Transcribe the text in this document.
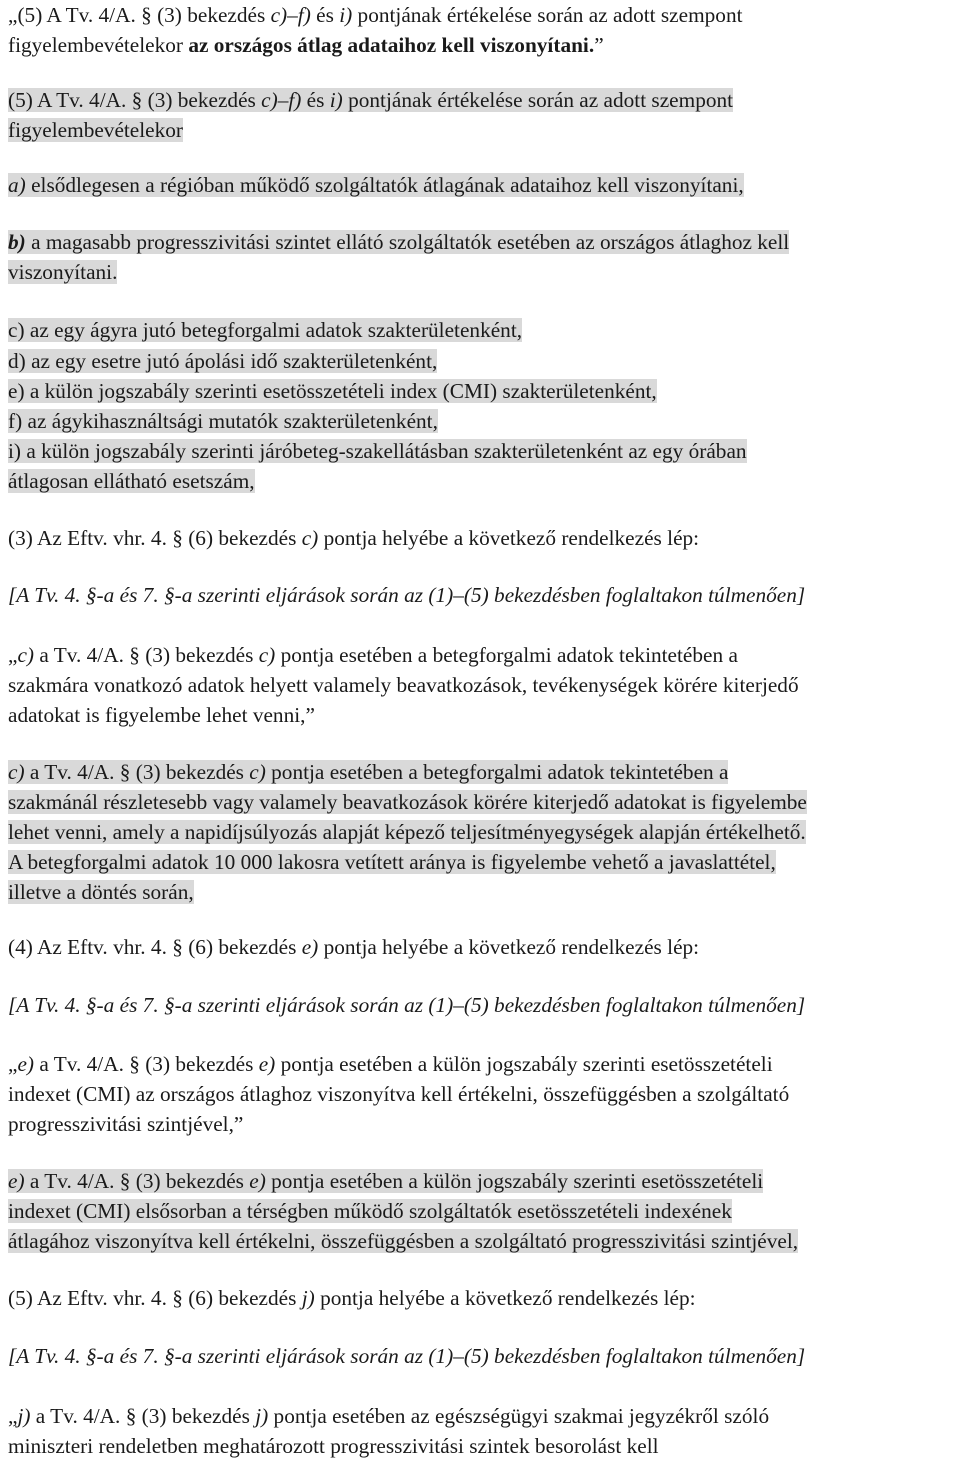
„(5) A Tv. 4/A. § (3) bekezdés c)–f) és i) pontjának értékelése során az adott szempont
figyelembevételekor az országos átlag adataihoz kell viszonyítani.”
(5) A Tv. 4/A. § (3) bekezdés c)–f) és i) pontjának értékelése során az adott szempont
figyelembevételekor
a) elsődlegesen a régióban működő szolgáltatók átlagának adataihoz kell viszonyítani,
b) a magasabb progresszivitási szintet ellátó szolgáltatók esetében az országos átlaghoz kell
viszonyítani.
c) az egy ágyra jutó betegforgalmi adatok szakterületenként,
d) az egy esetre jutó ápolási idő szakterületenként,
e) a külön jogszabály szerinti esetösszetételi index (CMI) szakterületenként,
f) az ágykihasználtsági mutatók szakterületenként,
i) a külön jogszabály szerinti járóbeteg-szakellátásban szakterületenként az egy órában
átlagosan ellátható esetszám,
(3) Az Eftv. vhr. 4. § (6) bekezdés c) pontja helyébe a következő rendelkezés lép:
[A Tv. 4. §-a és 7. §-a szerinti eljárások során az (1)–(5) bekezdésben foglaltakon túlmenően]
„c) a Tv. 4/A. § (3) bekezdés c) pontja esetében a betegforgalmi adatok tekintetében a
szakmára vonatkozó adatok helyett valamely beavatkozások, tevékenységek körére kiterjedő
adatokat is figyelembe lehet venni,”
c) a Tv. 4/A. § (3) bekezdés c) pontja esetében a betegforgalmi adatok tekintetében a
szakmánál részletesebb vagy valamely beavatkozások körére kiterjedő adatokat is figyelembe
lehet venni, amely a napidíjsúlyozás alapját képező teljesítményegységek alapján értékelhető.
A betegforgalmi adatok 10 000 lakosra vetített aránya is figyelembe vehető a javaslattétel,
illetve a döntés során,
(4) Az Eftv. vhr. 4. § (6) bekezdés e) pontja helyébe a következő rendelkezés lép:
[A Tv. 4. §-a és 7. §-a szerinti eljárások során az (1)–(5) bekezdésben foglaltakon túlmenően]
„e) a Tv. 4/A. § (3) bekezdés e) pontja esetében a külön jogszabály szerinti esetösszetételi
indexet (CMI) az országos átlaghoz viszonyítva kell értékelni, összefüggésben a szolgáltató
progresszivitási szintjével,”
e) a Tv. 4/A. § (3) bekezdés e) pontja esetében a külön jogszabály szerinti esetösszetételi
indexet (CMI) elsősorban a térségben működő szolgáltatók esetösszetételi indexének
átlagához viszonyítva kell értékelni, összefüggésben a szolgáltató progresszivitási szintjével,
(5) Az Eftv. vhr. 4. § (6) bekezdés j) pontja helyébe a következő rendelkezés lép:
[A Tv. 4. §-a és 7. §-a szerinti eljárások során az (1)–(5) bekezdésben foglaltakon túlmenően]
„j) a Tv. 4/A. § (3) bekezdés j) pontja esetében az egészségügyi szakmai jegyzékről szóló
miniszteri rendeletben meghatározott progresszivitási szintek besorolást kell
